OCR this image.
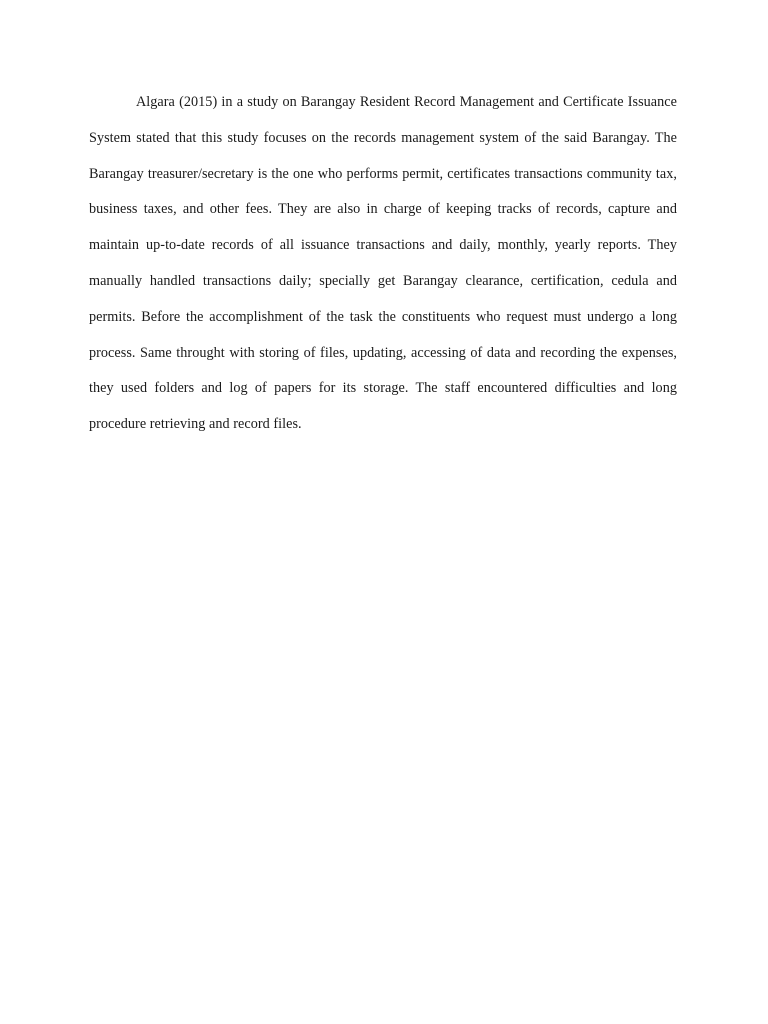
Algara (2015) in a study on Barangay Resident Record Management and Certificate Issuance System stated that this study focuses on the records management system of the said Barangay. The Barangay treasurer/secretary is the one who performs permit, certificates transactions community tax, business taxes, and other fees. They are also in charge of keeping tracks of records, capture and maintain up-to-date records of all issuance transactions and daily, monthly, yearly reports. They manually handled transactions daily; specially get Barangay clearance, certification, cedula and permits. Before the accomplishment of the task the constituents who request must undergo a long process. Same throught with storing of files, updating, accessing of data and recording the expenses, they used folders and log of papers for its storage. The staff encountered difficulties and long procedure retrieving and record files.
